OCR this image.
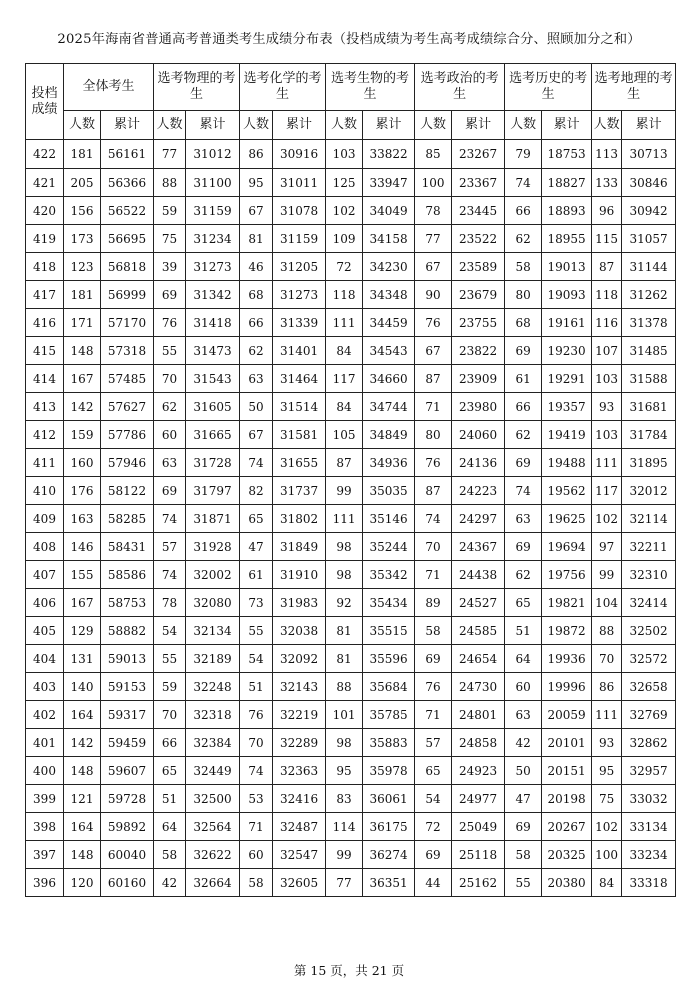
2025年海南省普通高考普通类考生成绩分布表（投档成绩为考生高考成绩综合分、照顾加分之和）
投档成绩	全体考生		选考物理的考生		选考化学的考生		选考生物的考生		选考政治的考生		选考历史的考生		选考地理的考生	
	人数	累计	人数	累计	人数	累计	人数	累计	人数	累计	人数	累计	人数	累计
422	181	56161	77	31012	86	30916	103	33822	85	23267	79	18753	113	30713
421	205	56366	88	31100	95	31011	125	33947	100	23367	74	18827	133	30846
420	156	56522	59	31159	67	31078	102	34049	78	23445	66	18893	96	30942
419	173	56695	75	31234	81	31159	109	34158	77	23522	62	18955	115	31057
418	123	56818	39	31273	46	31205	72	34230	67	23589	58	19013	87	31144
417	181	56999	69	31342	68	31273	118	34348	90	23679	80	19093	118	31262
416	171	57170	76	31418	66	31339	111	34459	76	23755	68	19161	116	31378
415	148	57318	55	31473	62	31401	84	34543	67	23822	69	19230	107	31485
414	167	57485	70	31543	63	31464	117	34660	87	23909	61	19291	103	31588
413	142	57627	62	31605	50	31514	84	34744	71	23980	66	19357	93	31681
412	159	57786	60	31665	67	31581	105	34849	80	24060	62	19419	103	31784
411	160	57946	63	31728	74	31655	87	34936	76	24136	69	19488	111	31895
410	176	58122	69	31797	82	31737	99	35035	87	24223	74	19562	117	32012
409	163	58285	74	31871	65	31802	111	35146	74	24297	63	19625	102	32114
408	146	58431	57	31928	47	31849	98	35244	70	24367	69	19694	97	32211
407	155	58586	74	32002	61	31910	98	35342	71	24438	62	19756	99	32310
406	167	58753	78	32080	73	31983	92	35434	89	24527	65	19821	104	32414
405	129	58882	54	32134	55	32038	81	35515	58	24585	51	19872	88	32502
404	131	59013	55	32189	54	32092	81	35596	69	24654	64	19936	70	32572
403	140	59153	59	32248	51	32143	88	35684	76	24730	60	19996	86	32658
402	164	59317	70	32318	76	32219	101	35785	71	24801	63	20059	111	32769
401	142	59459	66	32384	70	32289	98	35883	57	24858	42	20101	93	32862
400	148	59607	65	32449	74	32363	95	35978	65	24923	50	20151	95	32957
399	121	59728	51	32500	53	32416	83	36061	54	24977	47	20198	75	33032
398	164	59892	64	32564	71	32487	114	36175	72	25049	69	20267	102	33134
397	148	60040	58	32622	60	32547	99	36274	69	25118	58	20325	100	33234
396	120	60160	42	32664	58	32605	77	36351	44	25162	55	20380	84	33318
第 15 页，共 21 页
